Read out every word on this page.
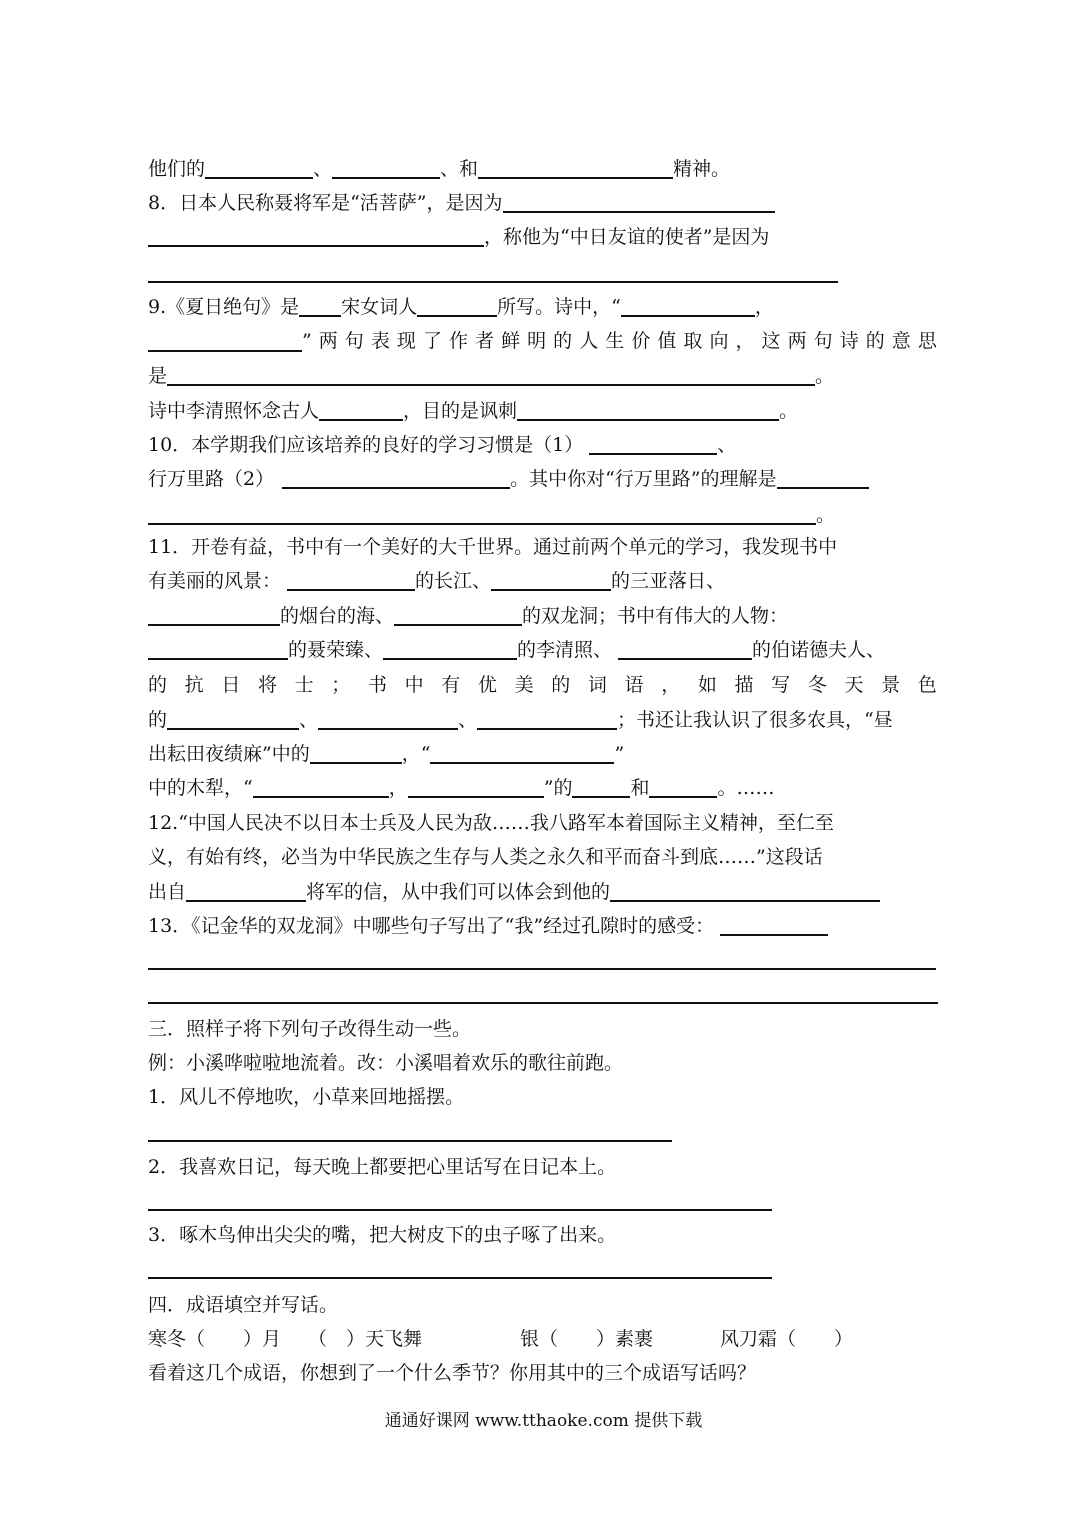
他们的	、	、和	精神。
8．日本人民称聂将军是“活菩萨”，是因为
，称他为“中日友谊的使者”是因为
9.《夏日绝句》是 宋女词人	所写。诗中，“	，
” 两 句 表 现 了 作 者 鲜 明 的 人 生 价 值 取 向 ， 这 两 句 诗 的 意 思
是	。
诗中李清照怀念古人	，目的是讽刺	。
10．本学期我们应该培养的良好的学习习惯是（1）	、
行万里路（2）	。其中你对“行万里路”的理解是
。
11．开卷有益，书中有一个美好的大千世界。通过前两个单元的学习，我发现书中
有美丽的风景：	的长江、	的三亚落日、
的烟台的海、	的双龙洞；书中有伟大的人物：
的聂荣臻、	的李清照、	的伯诺德夫人、
的 抗 日 将 士 ； 书 中 有 优 美 的 词 语 ， 如 描 写 冬 天 景 色
的	、	、	；书还让我认识了很多农具，“昼
出耘田夜绩麻”中的	，“	”
中的木犁，“	，	”的	和	。……
12.“中国人民决不以日本士兵及人民为敌……我八路军本着国际主义精神，至仁至
义，有始有终，必当为中华民族之生存与人类之永久和平而奋斗到底……”这段话
出自	将军的信，从中我们可以体会到他的
13．《记金华的双龙洞》中哪些句子写出了“我”经过孔隙时的感受：
三．照样子将下列句子改得生动一些。
例：小溪哗啦啦地流着。改：小溪唱着欢乐的歌往前跑。
1．风儿不停地吹，小草来回地摇摆。
2．我喜欢日记，每天晚上都要把心里话写在日记本上。
3．啄木鸟伸出尖尖的嘴，把大树皮下的虫子啄了出来。
四．成语填空并写话。
寒冬（　　）月 （　）天飞舞	银（　　）素裹	风刀霜（　　）
看着这几个成语，你想到了一个什么季节？你用其中的三个成语写话吗？
通通好课网 www.tthaoke.com 提供下载
